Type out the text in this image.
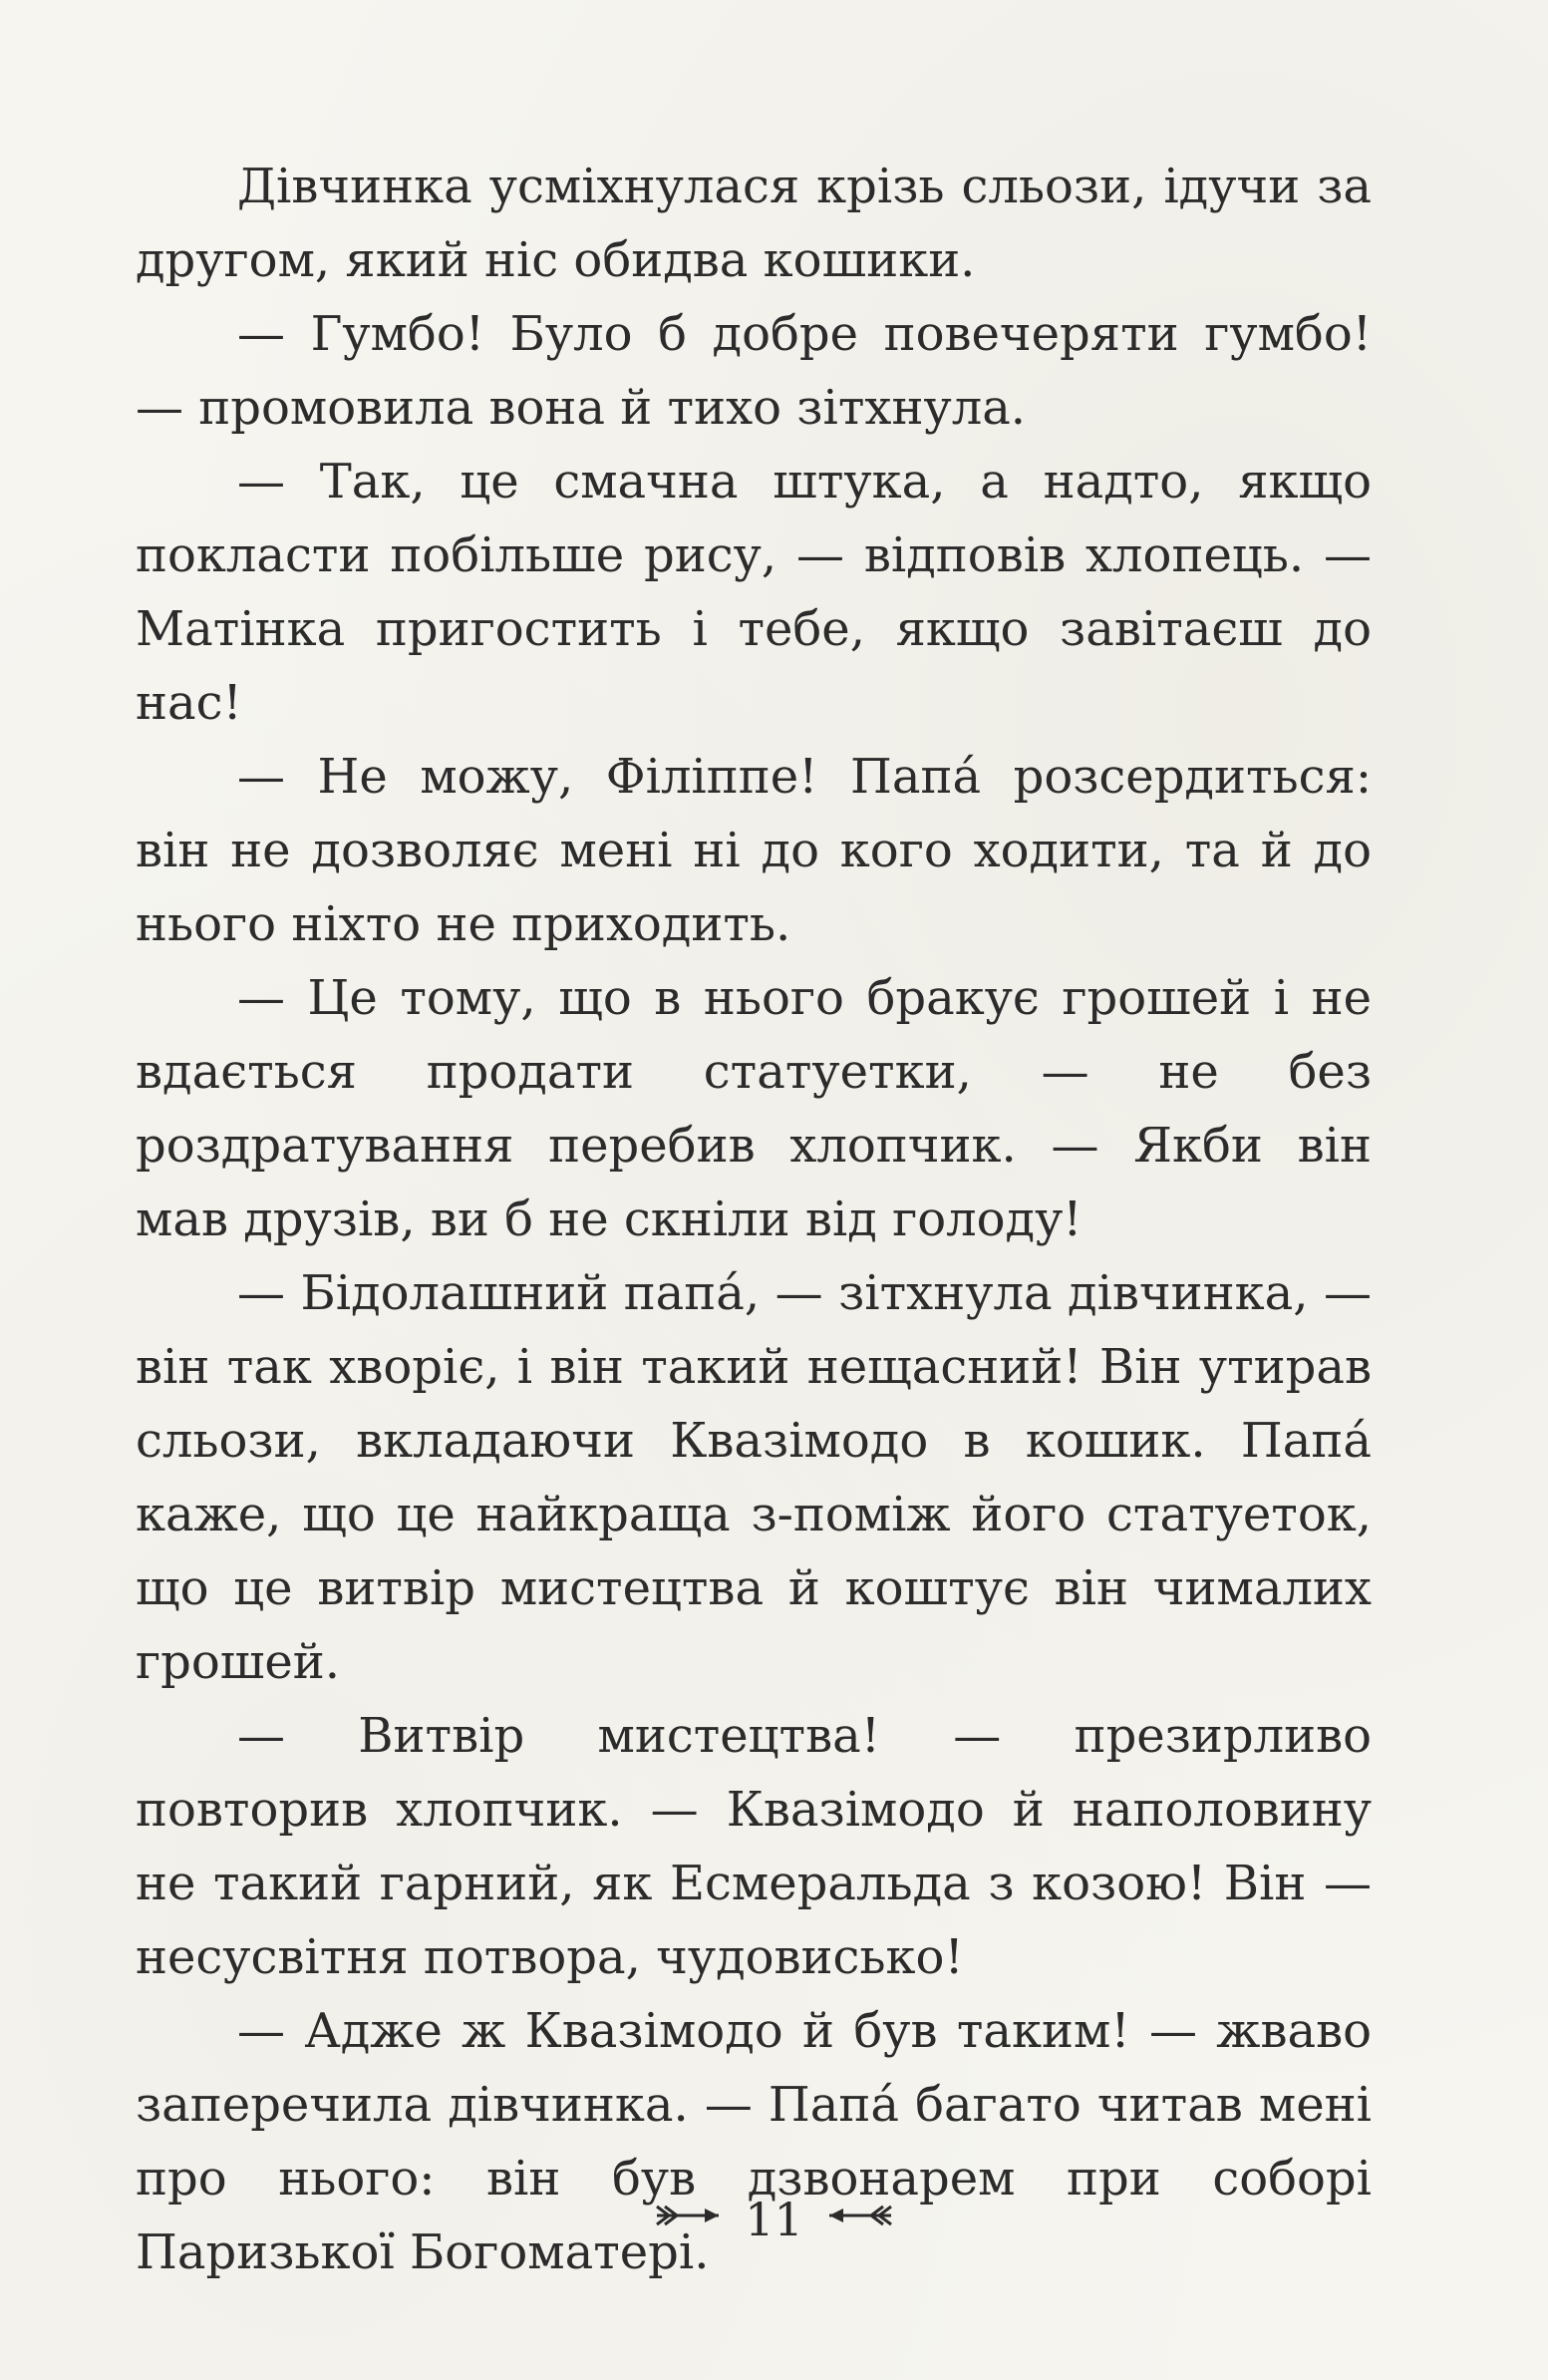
Дівчинка усміхнулася крізь сльози, ідучи за другом, який ніс обидва кошики.

— Гумбо! Було б добре повечеряти гумбо! — промовила вона й тихо зітхнула.

— Так, це смачна штука, а надто, якщо покласти побільше рису, — відповів хлопець. — Матінка пригостить і тебе, якщо завітаєш до нас!

— Не можу, Філіппе! Папа́ розсердиться: він не дозволяє мені ні до кого ходити, та й до нього ніхто не приходить.

— Це тому, що в нього бракує грошей і не вдається продати статуетки, — не без роздратування перебив хлопчик. — Якби він мав друзів, ви б не скніли від голоду!

— Бідолашний папа́, — зітхнула дівчинка, — він так хворіє, і він такий нещасний! Він утирав сльози, вкладаючи Квазімодо в кошик. Папа́ каже, що це найкраща з-поміж його статуеток, що це витвір мистецтва й коштує він чималих грошей.

— Витвір мистецтва! — презирливо повторив хлопчик. — Квазімодо й наполовину не такий гарний, як Есмеральда з козою! Він — несусвітня потвора, чудовисько!

— Адже ж Квазімодо й був таким! — жваво заперечила дівчинка. — Папа́ багато читав мені про нього: він був дзвонарем при соборі Паризької Богоматері.

11
